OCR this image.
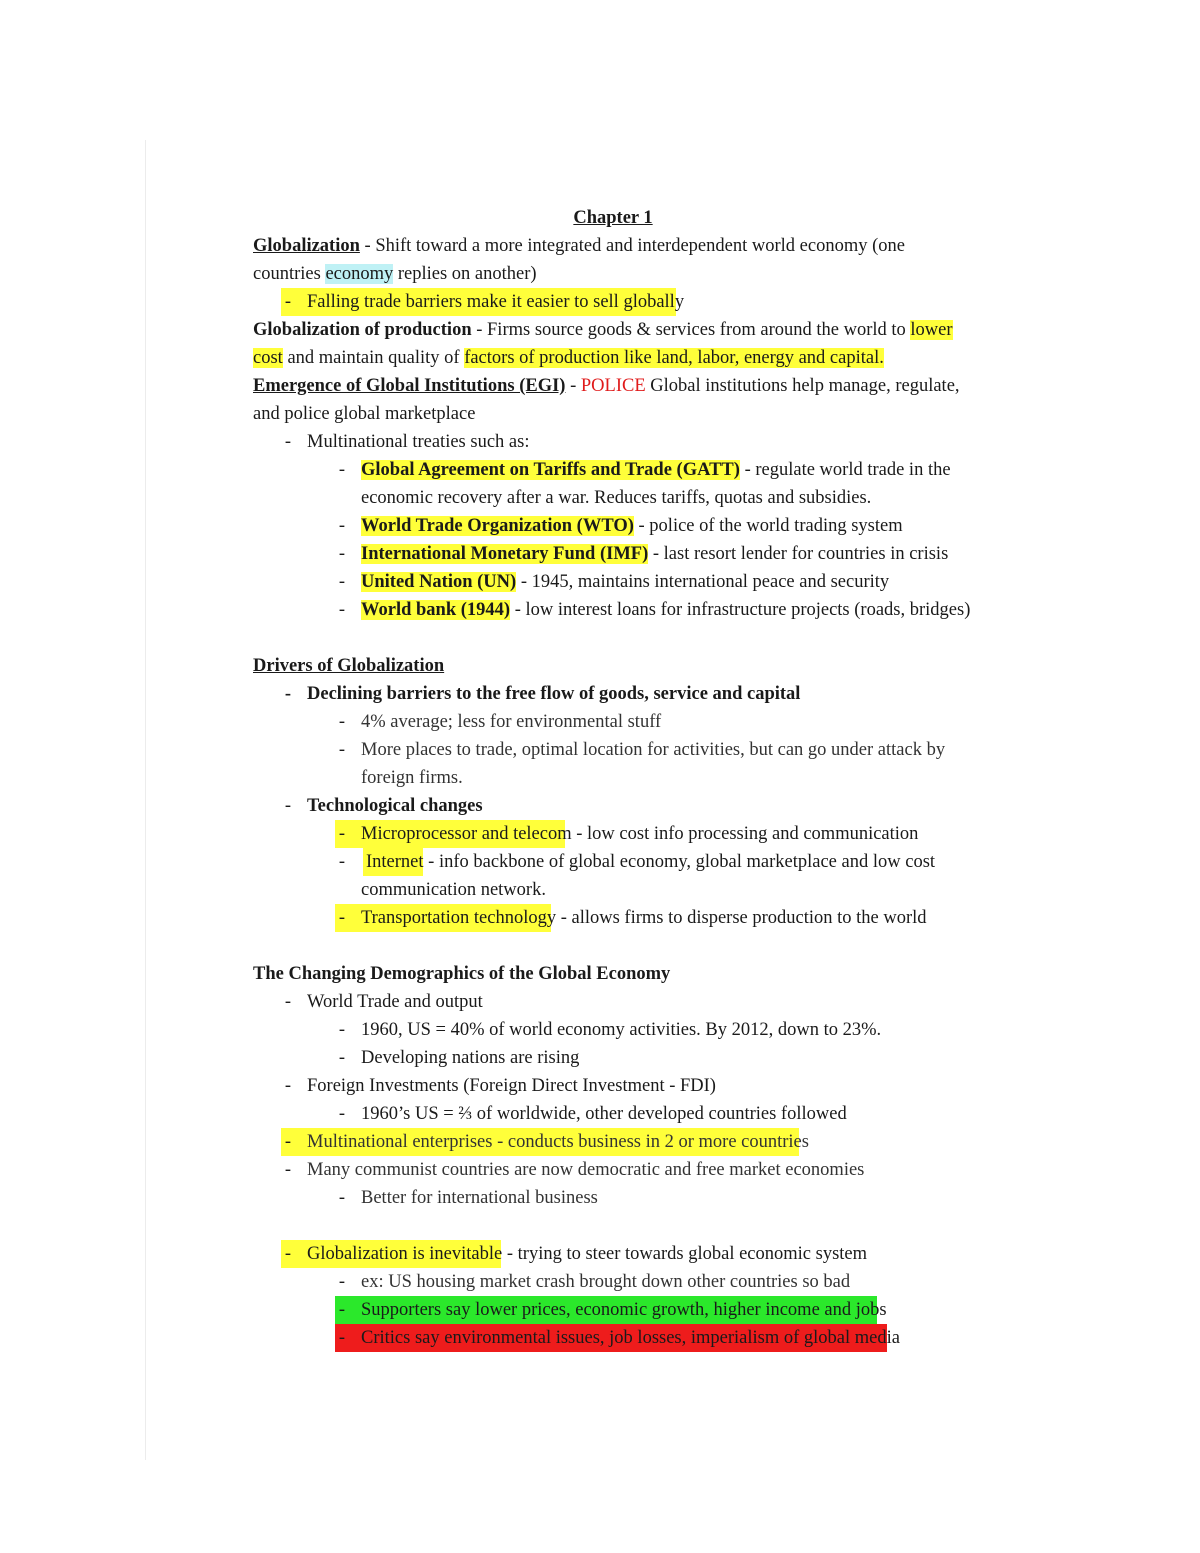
Chapter 1
Globalization - Shift toward a more integrated and interdependent world economy (one
countries economy replies on another)
- Falling trade barriers make it easier to sell globally
Globalization of production - Firms source goods & services from around the world to lower
cost and maintain quality of factors of production like land, labor, energy and capital.
Emergence of Global Institutions (EGI) - POLICE Global institutions help manage, regulate,
and police global marketplace
- Multinational treaties such as:
- Global Agreement on Tariffs and Trade (GATT) - regulate world trade in the
economic recovery after a war. Reduces tariffs, quotas and subsidies.
- World Trade Organization (WTO) - police of the world trading system
- International Monetary Fund (IMF) - last resort lender for countries in crisis
- United Nation (UN) - 1945, maintains international peace and security
- World bank (1944) - low interest loans for infrastructure projects (roads, bridges)
Drivers of Globalization
- Declining barriers to the free flow of goods, service and capital
- 4% average; less for environmental stuff
- More places to trade, optimal location for activities, but can go under attack by
foreign firms.
- Technological changes
- Microprocessor and telecom - low cost info processing and communication
- Internet - info backbone of global economy, global marketplace and low cost
communication network.
- Transportation technology - allows firms to disperse production to the world
The Changing Demographics of the Global Economy
- World Trade and output
- 1960, US = 40% of world economy activities. By 2012, down to 23%.
- Developing nations are rising
- Foreign Investments (Foreign Direct Investment - FDI)
- 1960’s US = ⅔ of worldwide, other developed countries followed
- Multinational enterprises - conducts business in 2 or more countries
- Many communist countries are now democratic and free market economies
- Better for international business
- Globalization is inevitable - trying to steer towards global economic system
- ex: US housing market crash brought down other countries so bad
- Supporters say lower prices, economic growth, higher income and jobs
- Critics say environmental issues, job losses, imperialism of global media
